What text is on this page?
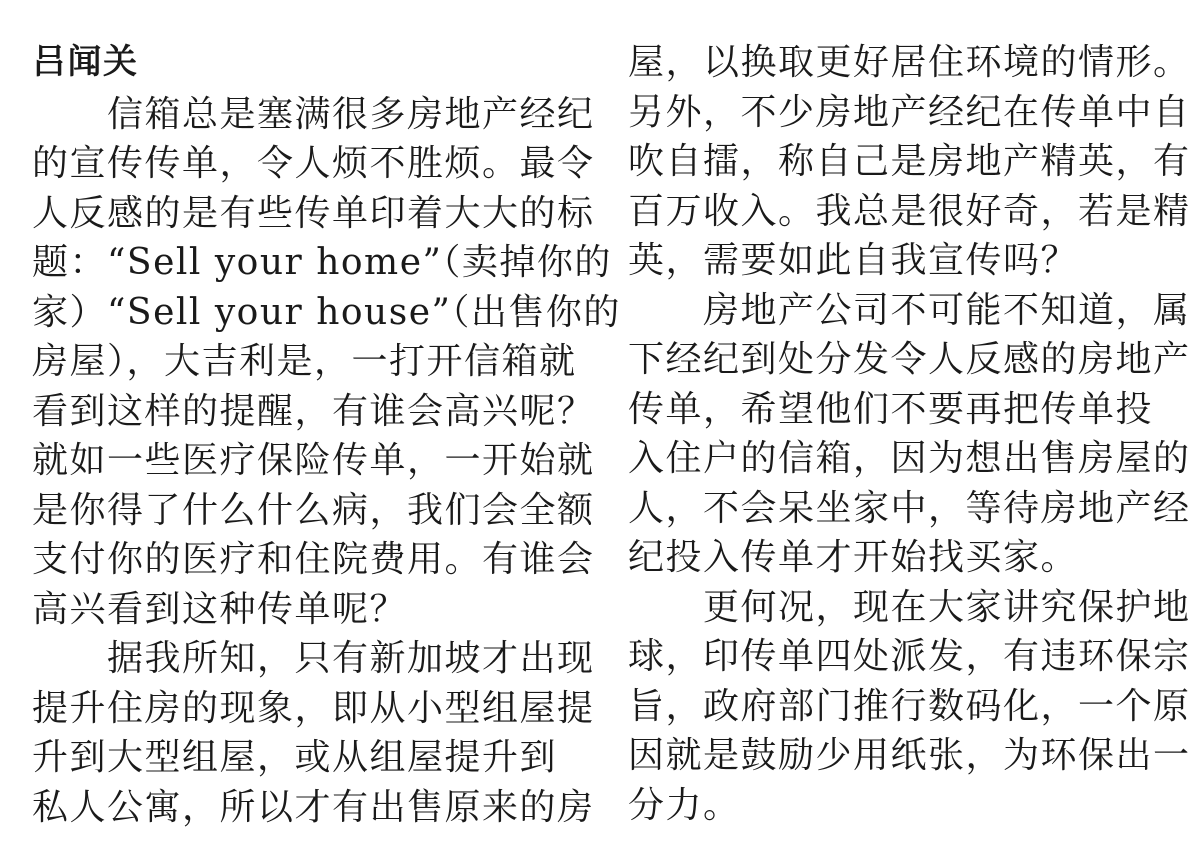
吕闻关
　　信箱总是塞满很多房地产经纪
的宣传传单，令人烦不胜烦。最令
人反感的是有些传单印着大大的标
题：“Sell your home”（卖掉你的
家）“Sell your house”（出售你的
房屋），大吉利是，一打开信箱就
看到这样的提醒，有谁会高兴呢？
就如一些医疗保险传单，一开始就
是你得了什么什么病，我们会全额
支付你的医疗和住院费用。有谁会
高兴看到这种传单呢？
　　据我所知，只有新加坡才出现
提升住房的现象，即从小型组屋提
升到大型组屋，或从组屋提升到
私人公寓，所以才有出售原来的房
屋，以换取更好居住环境的情形。
另外，不少房地产经纪在传单中自
吹自擂，称自己是房地产精英，有
百万收入。我总是很好奇，若是精
英，需要如此自我宣传吗？
　　房地产公司不可能不知道，属
下经纪到处分发令人反感的房地产
传单，希望他们不要再把传单投
入住户的信箱，因为想出售房屋的
人，不会呆坐家中，等待房地产经
纪投入传单才开始找买家。
　　更何况，现在大家讲究保护地
球，印传单四处派发，有违环保宗
旨，政府部门推行数码化，一个原
因就是鼓励少用纸张，为环保出一
分力。
